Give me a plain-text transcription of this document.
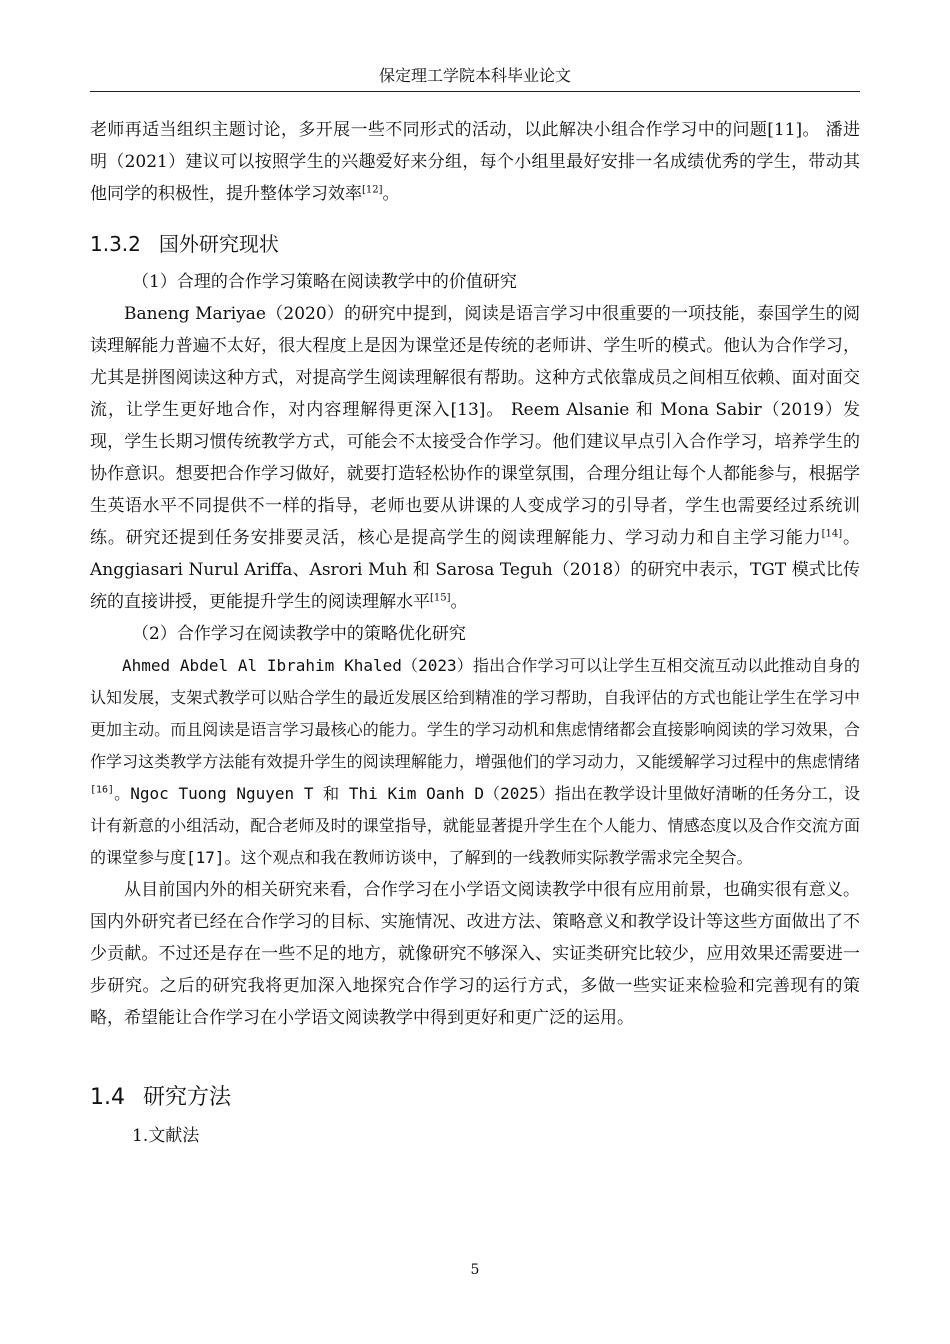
保定理工学院本科毕业论文

老师再适当组织主题讨论，多开展一些不同形式的活动，以此解决小组合作学习中的问题[11]。 潘进明（2021）建议可以按照学生的兴趣爱好来分组，每个小组里最好安排一名成绩优秀的学生，带动其他同学的积极性，提升整体学习效率[12]。

1.3.2 国外研究现状

（1）合理的合作学习策略在阅读教学中的价值研究

Baneng Mariyae（2020）的研究中提到，阅读是语言学习中很重要的一项技能，泰国学生的阅读理解能力普遍不太好，很大程度上是因为课堂还是传统的老师讲、学生听的模式。他认为合作学习，尤其是拼图阅读这种方式，对提高学生阅读理解很有帮助。这种方式依靠成员之间相互依赖、面对面交流，让学生更好地合作，对内容理解得更深入[13]。 Reem Alsanie 和 Mona Sabir（2019）发现，学生长期习惯传统教学方式，可能会不太接受合作学习。他们建议早点引入合作学习，培养学生的协作意识。想要把合作学习做好，就要打造轻松协作的课堂氛围，合理分组让每个人都能参与，根据学生英语水平不同提供不一样的指导，老师也要从讲课的人变成学习的引导者，学生也需要经过系统训练。研究还提到任务安排要灵活，核心是提高学生的阅读理解能力、学习动力和自主学习能力[14]。 Anggiasari Nurul Ariffa、Asrori Muh 和 Sarosa Teguh（2018）的研究中表示，TGT 模式比传统的直接讲授，更能提升学生的阅读理解水平[15]。

（2）合作学习在阅读教学中的策略优化研究

Ahmed Abdel Al Ibrahim Khaled（2023）指出合作学习可以让学生互相交流互动以此推动自身的认知发展，支架式教学可以贴合学生的最近发展区给到精准的学习帮助，自我评估的方式也能让学生在学习中更加主动。而且阅读是语言学习最核心的能力。学生的学习动机和焦虑情绪都会直接影响阅读的学习效果，合作学习这类教学方法能有效提升学生的阅读理解能力，增强他们的学习动力，又能缓解学习过程中的焦虑情绪[16]。Ngoc Tuong Nguyen T 和 Thi Kim Oanh D（2025）指出在教学设计里做好清晰的任务分工，设计有新意的小组活动，配合老师及时的课堂指导，就能显著提升学生在个人能力、情感态度以及合作交流方面的课堂参与度[17]。这个观点和我在教师访谈中，了解到的一线教师实际教学需求完全契合。

从目前国内外的相关研究来看，合作学习在小学语文阅读教学中很有应用前景，也确实很有意义。国内外研究者已经在合作学习的目标、实施情况、改进方法、策略意义和教学设计等这些方面做出了不少贡献。不过还是存在一些不足的地方，就像研究不够深入、实证类研究比较少，应用效果还需要进一步研究。之后的研究我将更加深入地探究合作学习的运行方式，多做一些实证来检验和完善现有的策略，希望能让合作学习在小学语文阅读教学中得到更好和更广泛的运用。

1.4 研究方法

1.文献法

5
